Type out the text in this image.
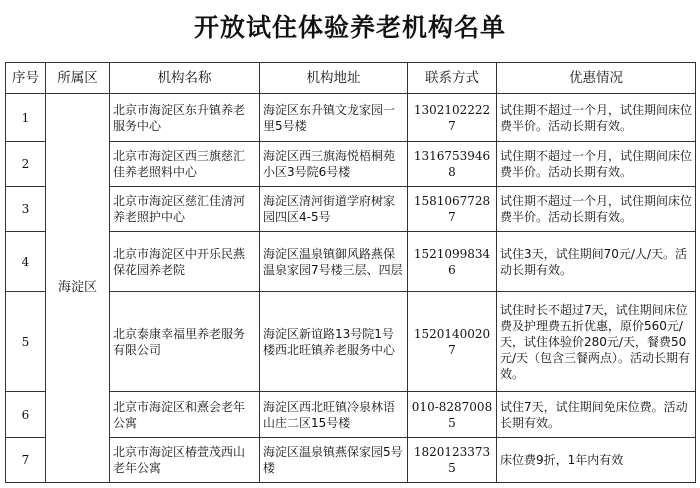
开放试住体验养老机构名单
序号	所属区	机构名称	机构地址	联系方式	优惠情况
1	海淀区	北京市海淀区东升镇养老服务中心	海淀区东升镇文龙家园一里5号楼	13021022227	试住期不超过一个月，试住期间床位费半价。活动长期有效。
2		北京市海淀区西三旗慈汇佳养老照料中心	海淀区西三旗海悦梧桐苑小区3号院6号楼	13167539468	试住期不超过一个月，试住期间床位费半价。活动长期有效。
3		北京市海淀区慈汇佳清河养老照护中心	海淀区清河街道学府树家园四区4-5号	15810677287	试住期不超过一个月，试住期间床位费半价。活动长期有效。
4		北京市海淀区中开乐民燕保花园养老院	海淀区温泉镇御风路燕保温泉家园7号楼三层、四层	15210998346	试住3天，试住期间70元/人/天。活动长期有效。
5		北京泰康幸福里养老服务有限公司	海淀区新谊路13号院1号楼西北旺镇养老服务中心	15201400207	试住时长不超过7天，试住期间床位费及护理费五折优惠，原价560元/天，试住体验价280元/天，餐费50元/天（包含三餐两点）。活动长期有效。
6		北京市海淀区和熹会老年公寓	海淀区西北旺镇冷泉林语山庄二区15号楼	010-82870085	试住7天，试住期间免床位费。活动长期有效。
7		北京市海淀区椿萱茂西山老年公寓	海淀区温泉镇燕保家园5号楼	18201233735	床位费9折，1年内有效
